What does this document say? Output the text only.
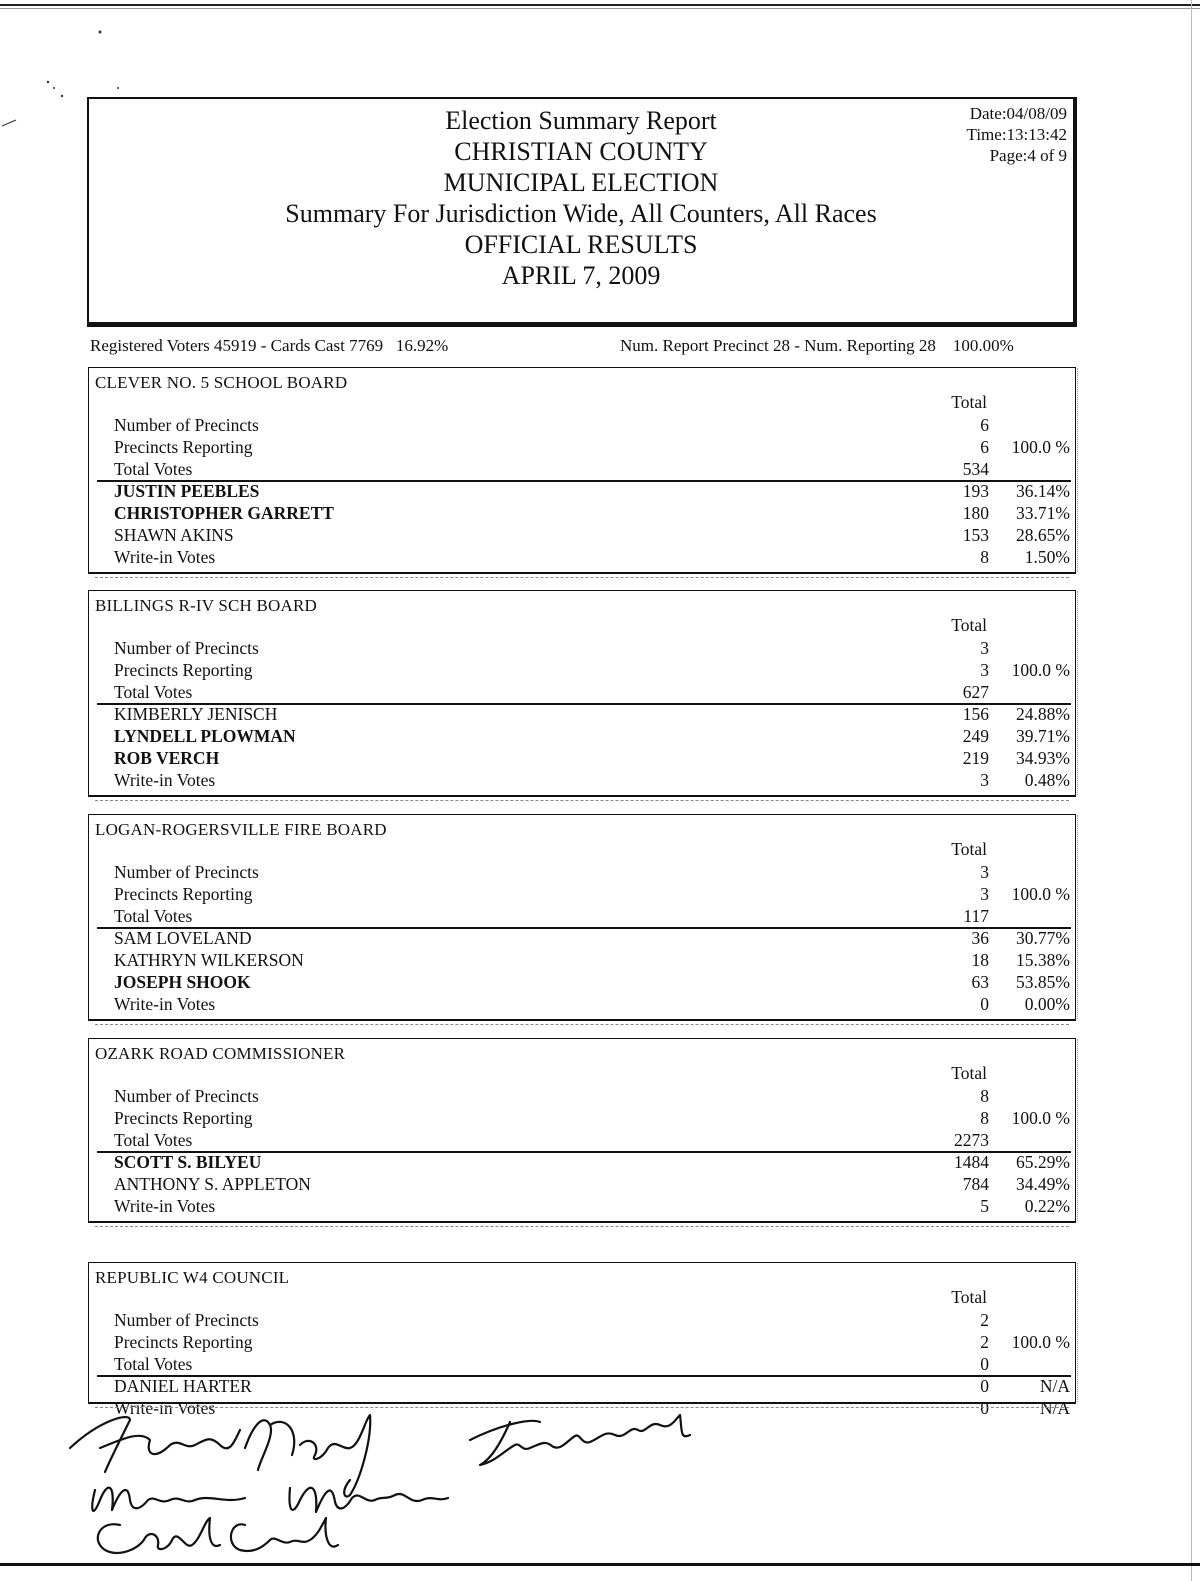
Election Summary Report
CHRISTIAN COUNTY
MUNICIPAL ELECTION
Summary For Jurisdiction Wide, All Counters, All Races
OFFICIAL RESULTS
APRIL 7, 2009
Date:04/08/09
Time:13:13:42
Page:4 of 9
Registered Voters 45919 - Cards Cast 7769   16.92%	Num. Report Precinct 28 - Num. Reporting 28    100.00%
CLEVER NO. 5 SCHOOL BOARD
Total
Number of Precincts	6
Precincts Reporting	6 100.0 %
Total Votes	534
JUSTIN PEEBLES	193 36.14%
CHRISTOPHER GARRETT	180 33.71%
SHAWN AKINS	153 28.65%
Write-in Votes	8 1.50%
BILLINGS R-IV SCH BOARD
Total
Number of Precincts	3
Precincts Reporting	3 100.0 %
Total Votes	627
KIMBERLY JENISCH	156 24.88%
LYNDELL PLOWMAN	249 39.71%
ROB VERCH	219 34.93%
Write-in Votes	3 0.48%
LOGAN-ROGERSVILLE FIRE BOARD
Total
Number of Precincts	3
Precincts Reporting	3 100.0 %
Total Votes	117
SAM LOVELAND	36 30.77%
KATHRYN WILKERSON	18 15.38%
JOSEPH SHOOK	63 53.85%
Write-in Votes	0 0.00%
OZARK ROAD COMMISSIONER
Total
Number of Precincts	8
Precincts Reporting	8 100.0 %
Total Votes	2273
SCOTT S. BILYEU	1484 65.29%
ANTHONY S. APPLETON	784 34.49%
Write-in Votes	5 0.22%
REPUBLIC W4 COUNCIL
Total
Number of Precincts	2
Precincts Reporting	2 100.0 %
Total Votes	0
DANIEL HARTER	0	N/A
Write-in Votes	0	N/A
